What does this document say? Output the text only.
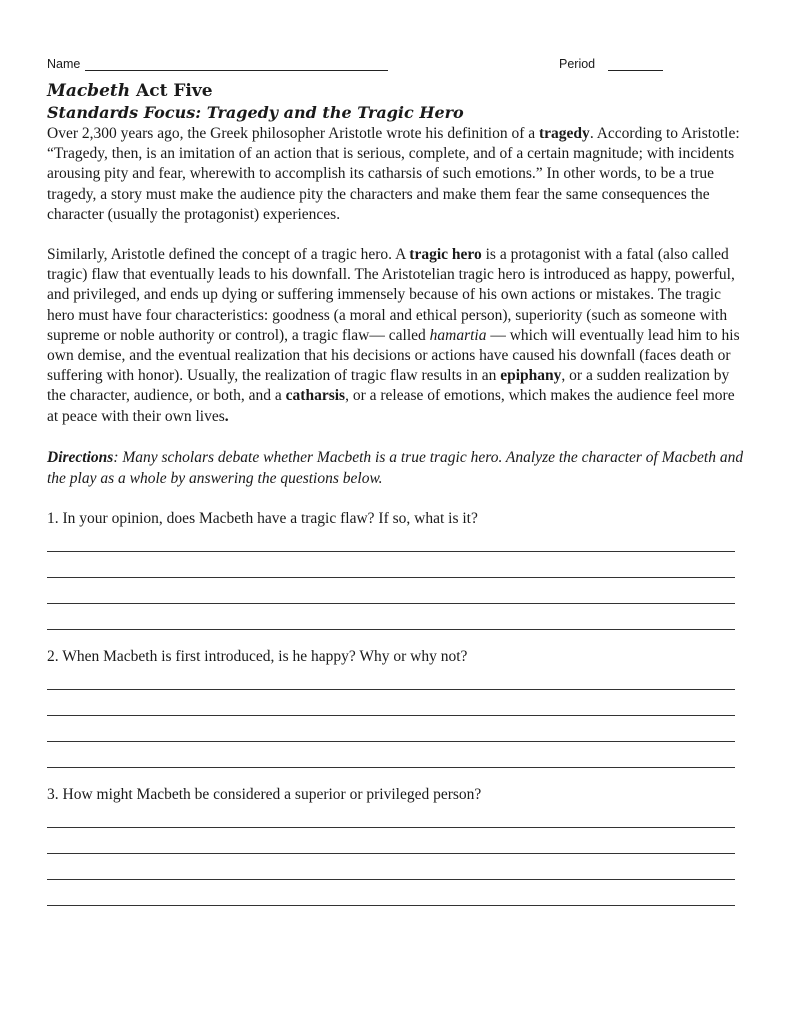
Name	Period
Macbeth Act Five
Standards Focus: Tragedy and the Tragic Hero

Over 2,300 years ago, the Greek philosopher Aristotle wrote his definition of a tragedy. According to Aristotle: “Tragedy, then, is an imitation of an action that is serious, complete, and of a certain magnitude; with incidents arousing pity and fear, wherewith to accomplish its catharsis of such emotions.” In other words, to be a true tragedy, a story must make the audience pity the characters and make them fear the same consequences the character (usually the protagonist) experiences.

Similarly, Aristotle defined the concept of a tragic hero. A tragic hero is a protagonist with a fatal (also called tragic) flaw that eventually leads to his downfall. The Aristotelian tragic hero is introduced as happy, powerful, and privileged, and ends up dying or suffering immensely because of his own actions or mistakes. The tragic hero must have four characteristics: goodness (a moral and ethical person), superiority (such as someone with supreme or noble authority or control), a tragic flaw— called hamartia — which will eventually lead him to his own demise, and the eventual realization that his decisions or actions have caused his downfall (faces death or suffering with honor). Usually, the realization of tragic flaw results in an epiphany, or a sudden realization by the character, audience, or both, and a catharsis, or a release of emotions, which makes the audience feel more at peace with their own lives.

Directions: Many scholars debate whether Macbeth is a true tragic hero. Analyze the character of Macbeth and the play as a whole by answering the questions below.

1. In your opinion, does Macbeth have a tragic flaw? If so, what is it?

2. When Macbeth is first introduced, is he happy? Why or why not?

3. How might Macbeth be considered a superior or privileged person?
